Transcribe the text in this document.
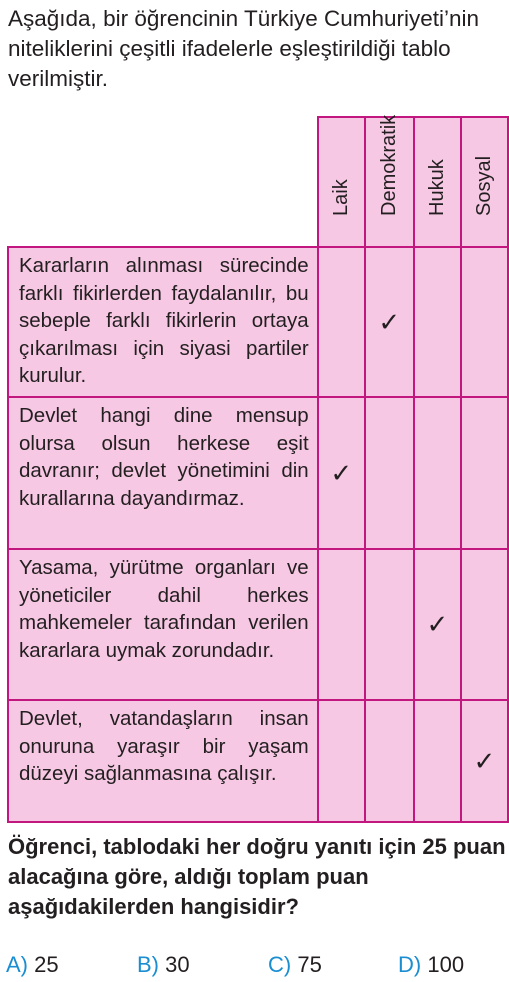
Aşağıda, bir öğrencinin Türkiye Cumhuriyeti’nin niteliklerini çeşitli ifadelerle eşleştirildiği tablo verilmiştir.

	Laik	Demokratik	Hukuk	Sosyal

Kararların alınması sürecinde farklı fikirlerden faydalanılır, bu sebeple farklı fikirlerin ortaya çıkarılması için siyasi partiler kurulur.		✓		
Devlet hangi dine mensup olursa olsun herkese eşit davranır; devlet yönetimini din kurallarına dayandırmaz.	✓			
Yasama, yürütme organları ve yöneticiler dahil herkes mahkemeler tarafından verilen kararlara uymak zorundadır.			✓	
Devlet, vatandaşların insan onuruna yaraşır bir yaşam düzeyi sağlanmasına çalışır.				✓

Öğrenci, tablodaki her doğru yanıtı için 25 puan alacağına göre, aldığı toplam puan aşağıdakilerden hangisidir?

A) 25	B) 30	C) 75	D) 100
